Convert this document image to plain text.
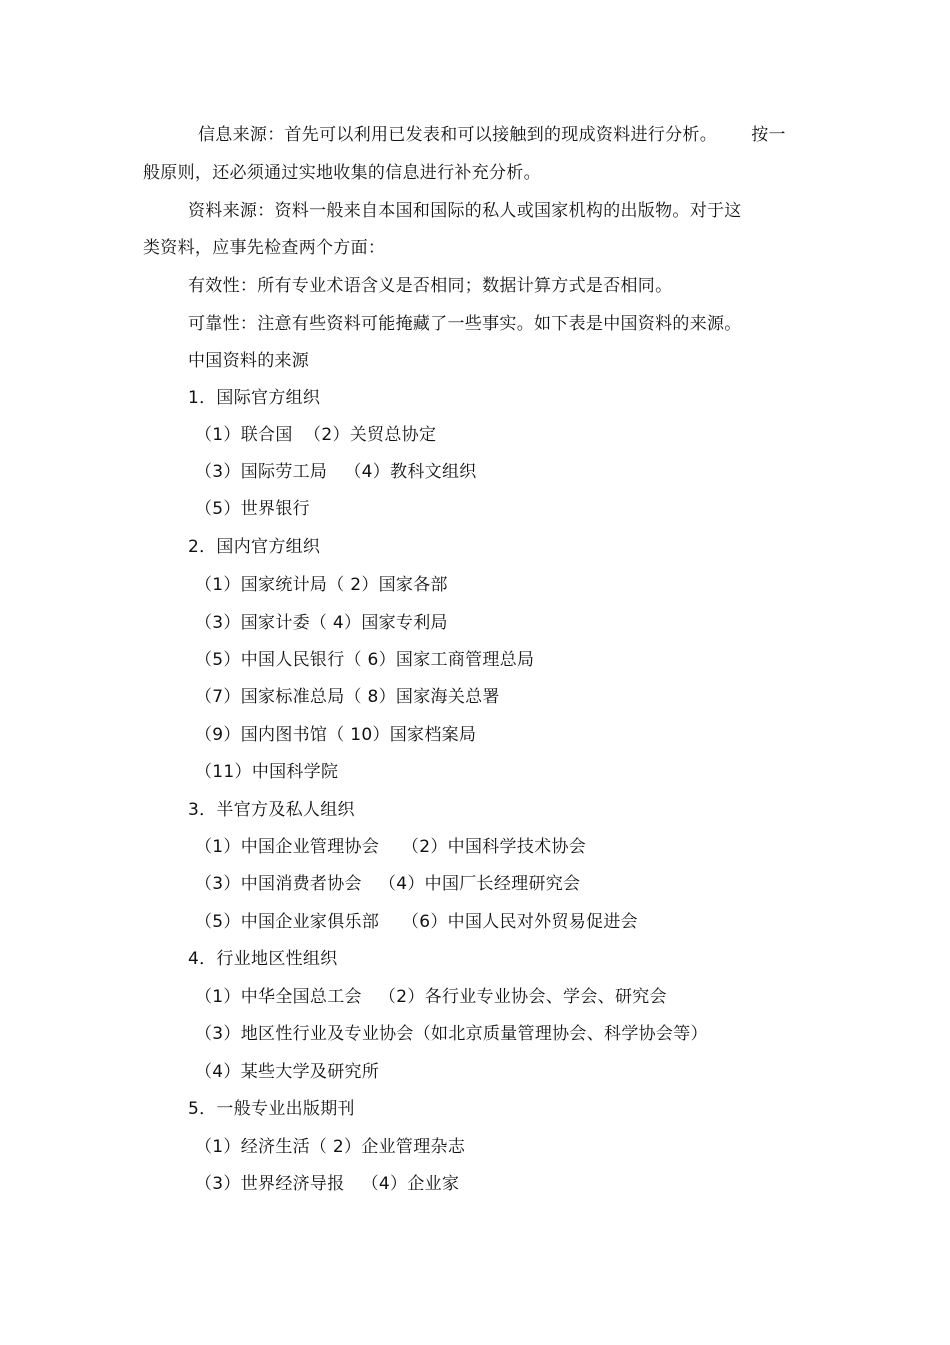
信息来源：首先可以利用已发表和可以接触到的现成资料进行分析。      按一
般原则，还必须通过实地收集的信息进行补充分析。
资料来源：资料一般来自本国和国际的私人或国家机构的出版物。对于这
类资料，应事先检查两个方面：
有效性：所有专业术语含义是否相同；数据计算方式是否相同。
可靠性：注意有些资料可能掩藏了一些事实。如下表是中国资料的来源。
中国资料的来源
1．国际官方组织
（1）联合国  （2）关贸总协定
（3）国际劳工局   （4）教科文组织
（5）世界银行
2．国内官方组织
（1）国家统计局（ 2）国家各部
（3）国家计委（ 4）国家专利局
（5）中国人民银行（ 6）国家工商管理总局
（7）国家标准总局（ 8）国家海关总署
（9）国内图书馆（ 10）国家档案局
（11）中国科学院
3．半官方及私人组织
（1）中国企业管理协会    （2）中国科学技术协会
（3）中国消费者协会   （4）中国厂长经理研究会
（5）中国企业家俱乐部    （6）中国人民对外贸易促进会
4．行业地区性组织
（1）中华全国总工会   （2）各行业专业协会、学会、研究会
（3）地区性行业及专业协会（如北京质量管理协会、科学协会等）
（4）某些大学及研究所
5．一般专业出版期刊
（1）经济生活（ 2）企业管理杂志
（3）世界经济导报   （4）企业家
